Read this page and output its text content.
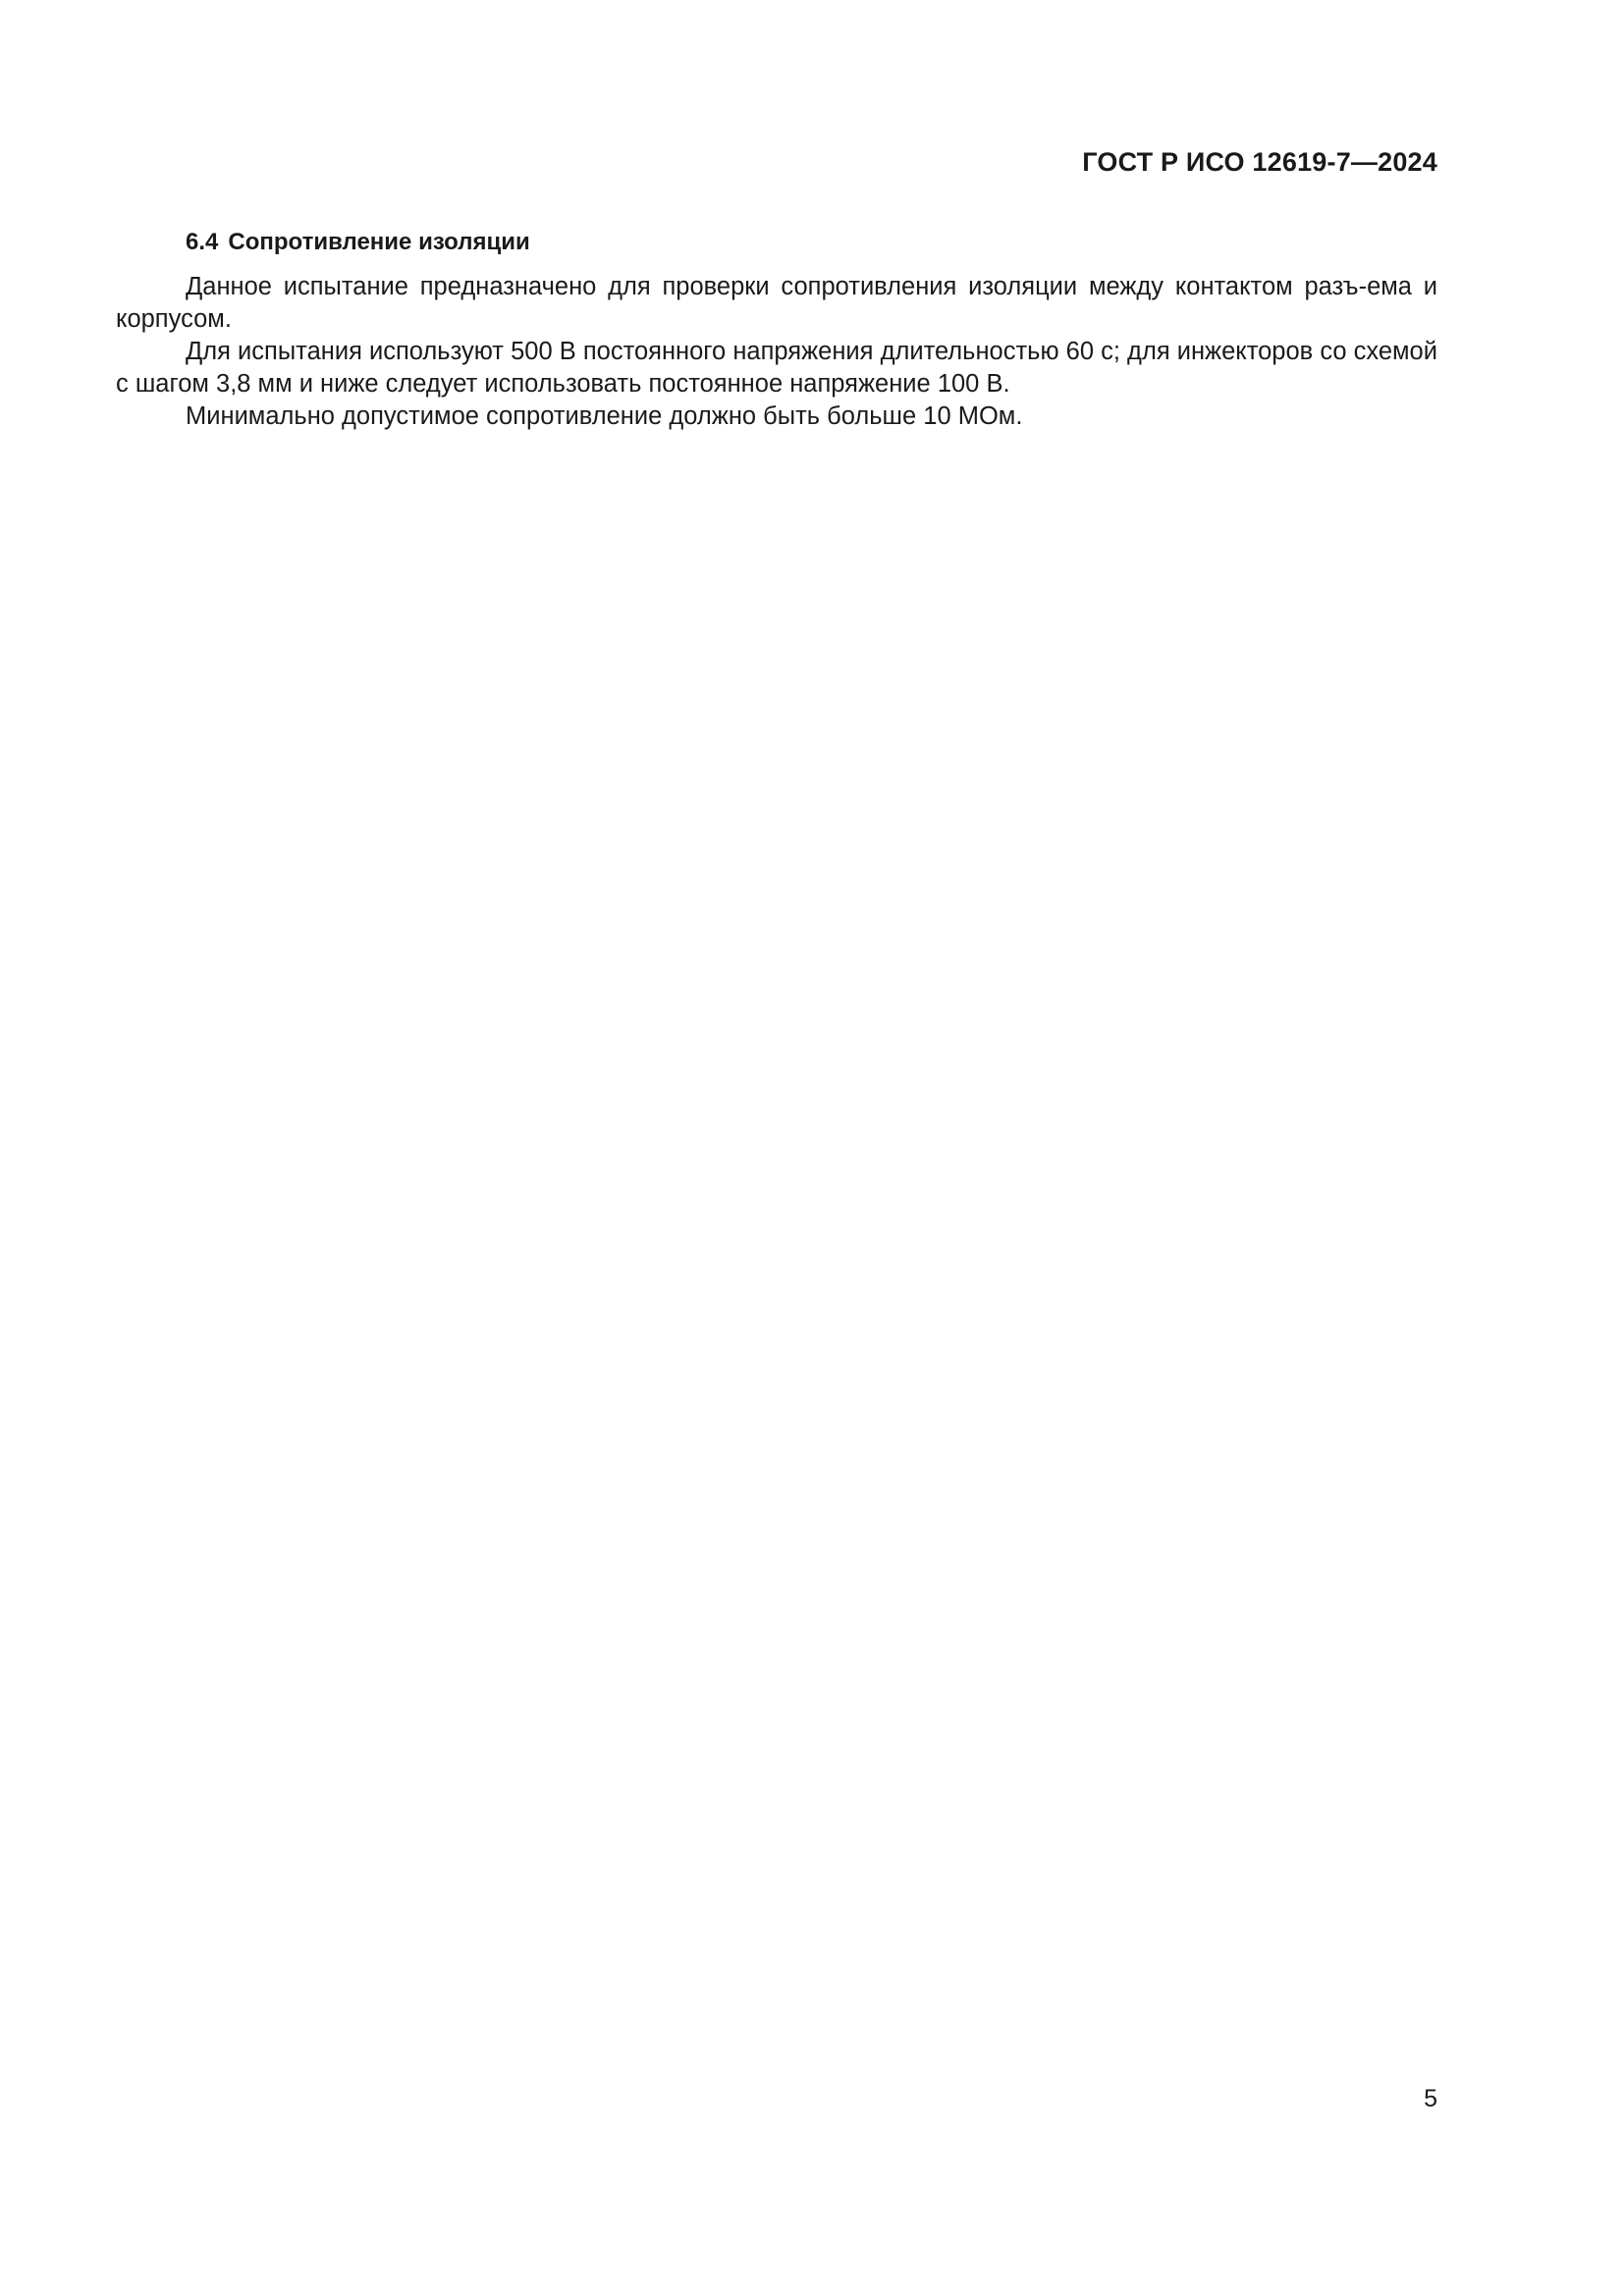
ГОСТ Р ИСО 12619-7—2024
6.4 Сопротивление изоляции

Данное испытание предназначено для проверки сопротивления изоляции между контактом разъ-ема и корпусом.

Для испытания используют 500 В постоянного напряжения длительностью 60 с; для инжекторов со схемой с шагом 3,8 мм и ниже следует использовать постоянное напряжение 100 В.

Минимально допустимое сопротивление должно быть больше 10 МОм.

5
